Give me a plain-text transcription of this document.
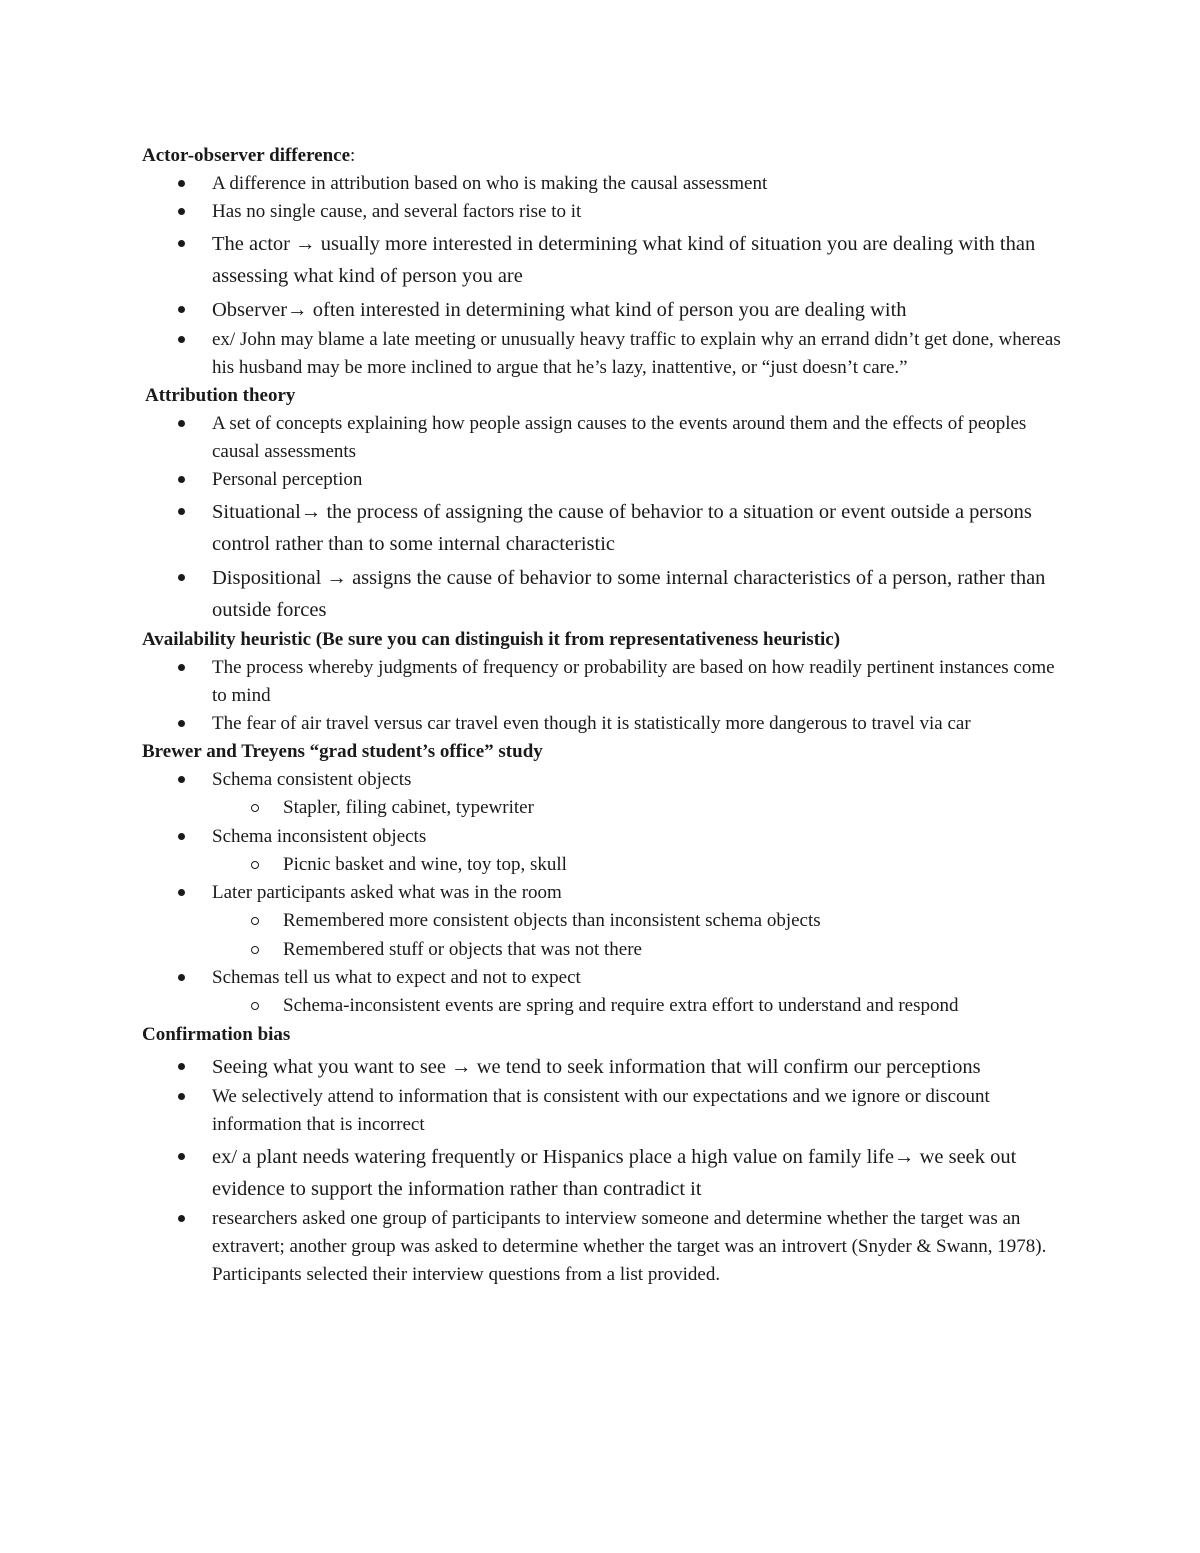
Actor-observer difference:
A difference in attribution based on who is making the causal assessment
Has no single cause, and several factors rise to it
The actor → usually more interested in determining what kind of situation you are dealing with than assessing what kind of person you are
Observer→ often interested in determining what kind of person you are dealing with
ex/ John may blame a late meeting or unusually heavy traffic to explain why an errand didn’t get done, whereas his husband may be more inclined to argue that he’s lazy, inattentive, or “just doesn’t care.”
Attribution theory
A set of concepts explaining how people assign causes to the events around them and the effects of peoples causal assessments
Personal perception
Situational→ the process of assigning the cause of behavior to a situation or event outside a persons control rather than to some internal characteristic
Dispositional → assigns the cause of behavior to some internal characteristics of a person, rather than outside forces
Availability heuristic (Be sure you can distinguish it from representativeness heuristic)
The process whereby judgments of frequency or probability are based on how readily pertinent instances come to mind
The fear of air travel versus car travel even though it is statistically more dangerous to travel via car
Brewer and Treyens “grad student’s office” study
Schema consistent objects
Stapler, filing cabinet, typewriter
Schema inconsistent objects
Picnic basket and wine, toy top, skull
Later participants asked what was in the room
Remembered more consistent objects than inconsistent schema objects
Remembered stuff or objects that was not there
Schemas tell us what to expect and not to expect
Schema-inconsistent events are spring and require extra effort to understand and respond
Confirmation bias
Seeing what you want to see → we tend to seek information that will confirm our perceptions
We selectively attend to information that is consistent with our expectations and we ignore or discount information that is incorrect
ex/ a plant needs watering frequently or Hispanics place a high value on family life→ we seek out evidence to support the information rather than contradict it
researchers asked one group of participants to interview someone and determine whether the target was an extravert; another group was asked to determine whether the target was an introvert (Snyder & Swann, 1978). Participants selected their interview questions from a list provided.
